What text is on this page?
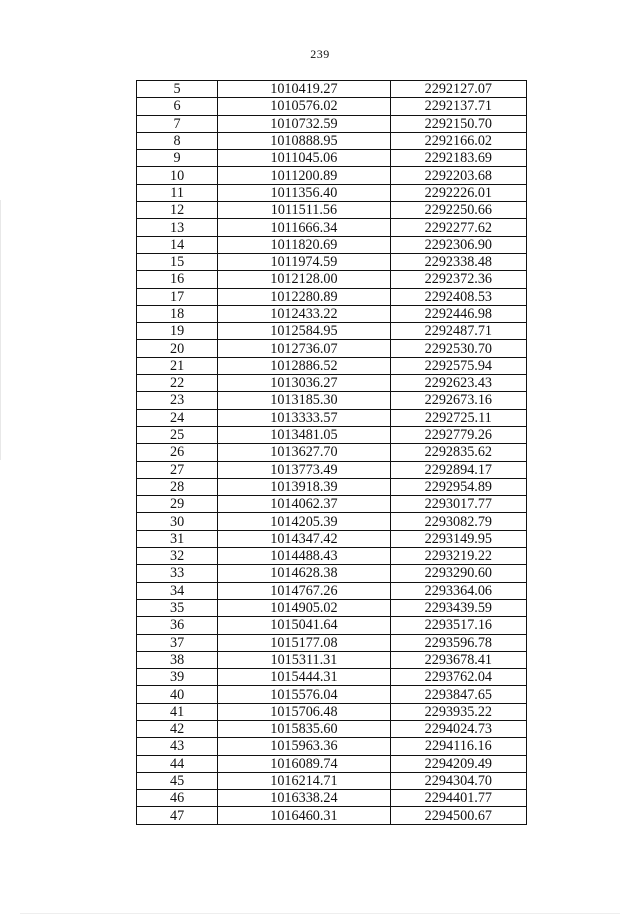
239
5	1010419.27	2292127.07
6	1010576.02	2292137.71
7	1010732.59	2292150.70
8	1010888.95	2292166.02
9	1011045.06	2292183.69
10	1011200.89	2292203.68
11	1011356.40	2292226.01
12	1011511.56	2292250.66
13	1011666.34	2292277.62
14	1011820.69	2292306.90
15	1011974.59	2292338.48
16	1012128.00	2292372.36
17	1012280.89	2292408.53
18	1012433.22	2292446.98
19	1012584.95	2292487.71
20	1012736.07	2292530.70
21	1012886.52	2292575.94
22	1013036.27	2292623.43
23	1013185.30	2292673.16
24	1013333.57	2292725.11
25	1013481.05	2292779.26
26	1013627.70	2292835.62
27	1013773.49	2292894.17
28	1013918.39	2292954.89
29	1014062.37	2293017.77
30	1014205.39	2293082.79
31	1014347.42	2293149.95
32	1014488.43	2293219.22
33	1014628.38	2293290.60
34	1014767.26	2293364.06
35	1014905.02	2293439.59
36	1015041.64	2293517.16
37	1015177.08	2293596.78
38	1015311.31	2293678.41
39	1015444.31	2293762.04
40	1015576.04	2293847.65
41	1015706.48	2293935.22
42	1015835.60	2294024.73
43	1015963.36	2294116.16
44	1016089.74	2294209.49
45	1016214.71	2294304.70
46	1016338.24	2294401.77
47	1016460.31	2294500.67
